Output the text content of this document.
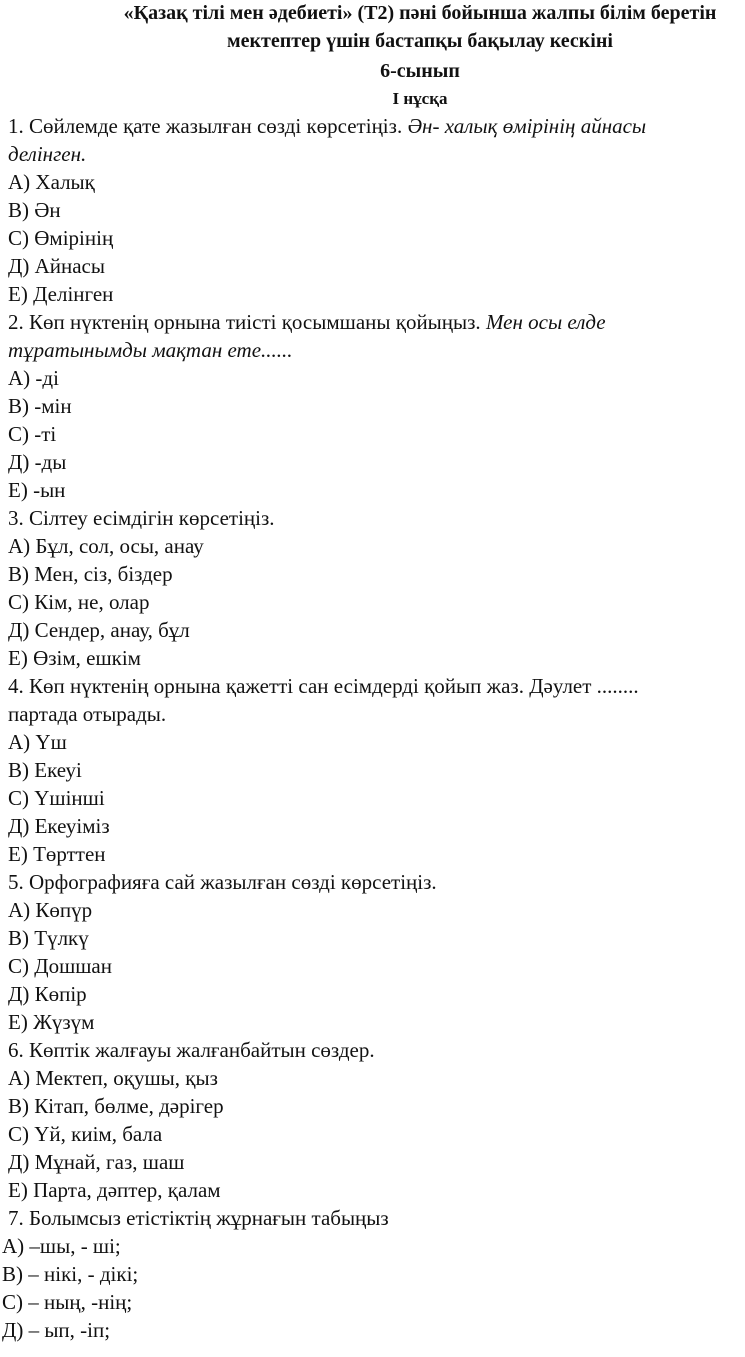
«Қазақ тілі мен әдебиеті» (Т2) пәні бойынша жалпы білім беретін
мектептер үшін бастапқы бақылау кескіні
6-сынып
І нұсқа
1. Сөйлемде қате жазылған сөзді көрсетіңіз. Ән- халық өмірінің айнасы
делінген.
А) Халық
В) Ән
С) Өмірінің
Д) Айнасы
Е) Делінген
2. Көп нүктенің орнына тиісті қосымшаны қойыңыз. Мен осы елде
тұратынымды мақтан ете......
А) -ді
В) -мін
С) -ті
Д) -ды
Е) -ын
3. Сілтеу есімдігін көрсетіңіз.
А) Бұл, сол, осы, анау
В) Мен, сіз, біздер
С) Кім, не, олар
Д) Сендер, анау, бұл
Е) Өзім, ешкім
4. Көп нүктенің орнына қажетті сан есімдерді қойып жаз. Дәулет ........
партада отырады.
А) Үш
В) Екеуі
С) Үшінші
Д) Екеуіміз
Е) Төрттен
5. Орфографияға сай жазылған сөзді көрсетіңіз.
А) Көпүр
В) Түлкү
С) Дошшан
Д) Көпір
Е) Жүзүм
6. Көптік жалғауы жалғанбайтын сөздер.
А) Мектеп, оқушы, қыз
В) Кітап, бөлме, дәрігер
С) Үй, киім, бала
Д) Мұнай, газ, шаш
Е) Парта, дәптер, қалам
7. Болымсыз етістіктің жұрнағын табыңыз
А) –шы, - ші;
В) – нікі, - дікі;
С) – ның, -нің;
Д) – ып, -іп;
